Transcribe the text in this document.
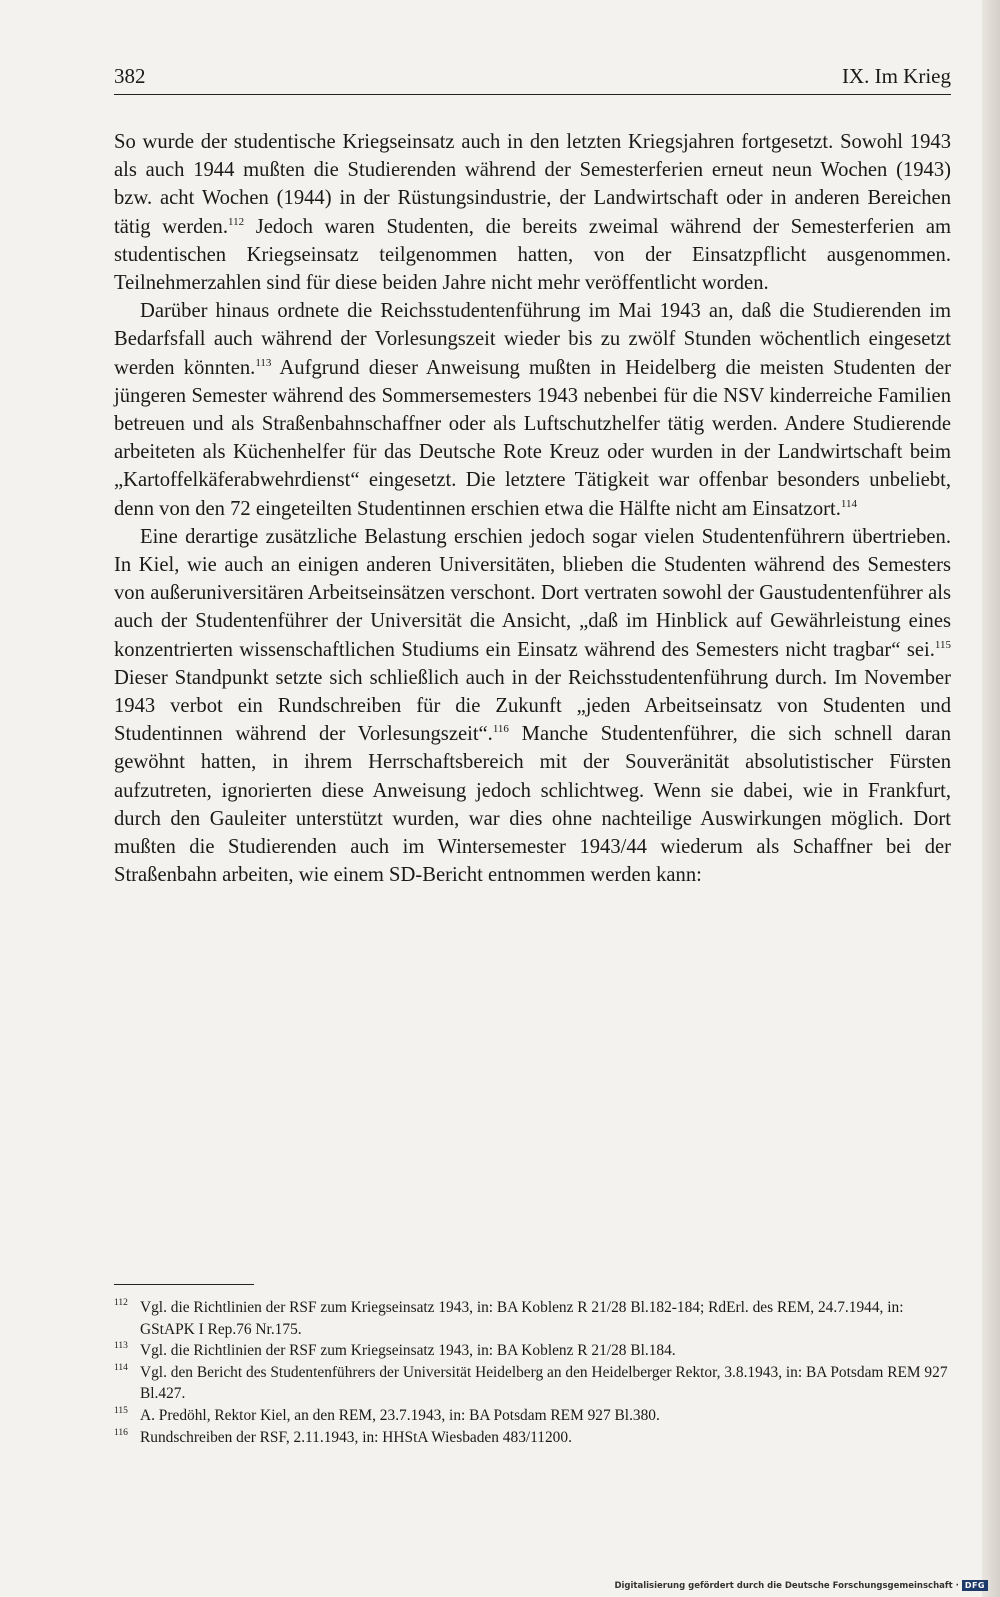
382	IX. Im Krieg

So wurde der studentische Kriegseinsatz auch in den letzten Kriegsjahren fortgesetzt. Sowohl 1943 als auch 1944 mußten die Studierenden während der Semesterferien erneut neun Wochen (1943) bzw. acht Wochen (1944) in der Rüstungsindustrie, der Landwirtschaft oder in anderen Bereichen tätig werden.$^{112}$ Jedoch waren Studenten, die bereits zweimal während der Semesterferien am studentischen Kriegseinsatz teilgenommen hatten, von der Einsatzpflicht ausgenommen. Teilnehmerzahlen sind für diese beiden Jahre nicht mehr veröffentlicht worden.

Darüber hinaus ordnete die Reichsstudentenführung im Mai 1943 an, daß die Studierenden im Bedarfsfall auch während der Vorlesungszeit wieder bis zu zwölf Stunden wöchentlich eingesetzt werden könnten.$^{113}$ Aufgrund dieser Anweisung mußten in Heidelberg die meisten Studenten der jüngeren Semester während des Sommersemesters 1943 nebenbei für die NSV kinderreiche Familien betreuen und als Straßenbahnschaffner oder als Luftschutzhelfer tätig werden. Andere Studierende arbeiteten als Küchenhelfer für das Deutsche Rote Kreuz oder wurden in der Landwirtschaft beim „Kartoffelkäferabwehrdienst“ eingesetzt. Die letztere Tätigkeit war offenbar besonders unbeliebt, denn von den 72 eingeteilten Studentinnen erschien etwa die Hälfte nicht am Einsatzort.$^{114}$

Eine derartige zusätzliche Belastung erschien jedoch sogar vielen Studentenführern übertrieben. In Kiel, wie auch an einigen anderen Universitäten, blieben die Studenten während des Semesters von außeruniversitären Arbeitseinsätzen verschont. Dort vertraten sowohl der Gaustudentenführer als auch der Studentenführer der Universität die Ansicht, „daß im Hinblick auf Gewährleistung eines konzentrierten wissenschaftlichen Studiums ein Einsatz während des Semesters nicht tragbar“ sei.$^{115}$ Dieser Standpunkt setzte sich schließlich auch in der Reichsstudentenführung durch. Im November 1943 verbot ein Rundschreiben für die Zukunft „jeden Arbeitseinsatz von Studenten und Studentinnen während der Vorlesungszeit“.$^{116}$ Manche Studentenführer, die sich schnell daran gewöhnt hatten, in ihrem Herrschaftsbereich mit der Souveränität absolutistischer Fürsten aufzutreten, ignorierten diese Anweisung jedoch schlichtweg. Wenn sie dabei, wie in Frankfurt, durch den Gauleiter unterstützt wurden, war dies ohne nachteilige Auswirkungen möglich. Dort mußten die Studierenden auch im Wintersemester 1943/44 wiederum als Schaffner bei der Straßenbahn arbeiten, wie einem SD-Bericht entnommen werden kann:

112 Vgl. die Richtlinien der RSF zum Kriegseinsatz 1943, in: BA Koblenz R 21/28 Bl.182-184; RdErl. des REM, 24.7.1944, in: GStAPK I Rep.76 Nr.175.
113 Vgl. die Richtlinien der RSF zum Kriegseinsatz 1943, in: BA Koblenz R 21/28 Bl.184.
114 Vgl. den Bericht des Studentenführers der Universität Heidelberg an den Heidelberger Rektor, 3.8.1943, in: BA Potsdam REM 927 Bl.427.
115 A. Predöhl, Rektor Kiel, an den REM, 23.7.1943, in: BA Potsdam REM 927 Bl.380.
116 Rundschreiben der RSF, 2.11.1943, in: HHStA Wiesbaden 483/11200.
Digitalisierung gefördert durch die Deutsche Forschungsgemeinschaft · DFG
